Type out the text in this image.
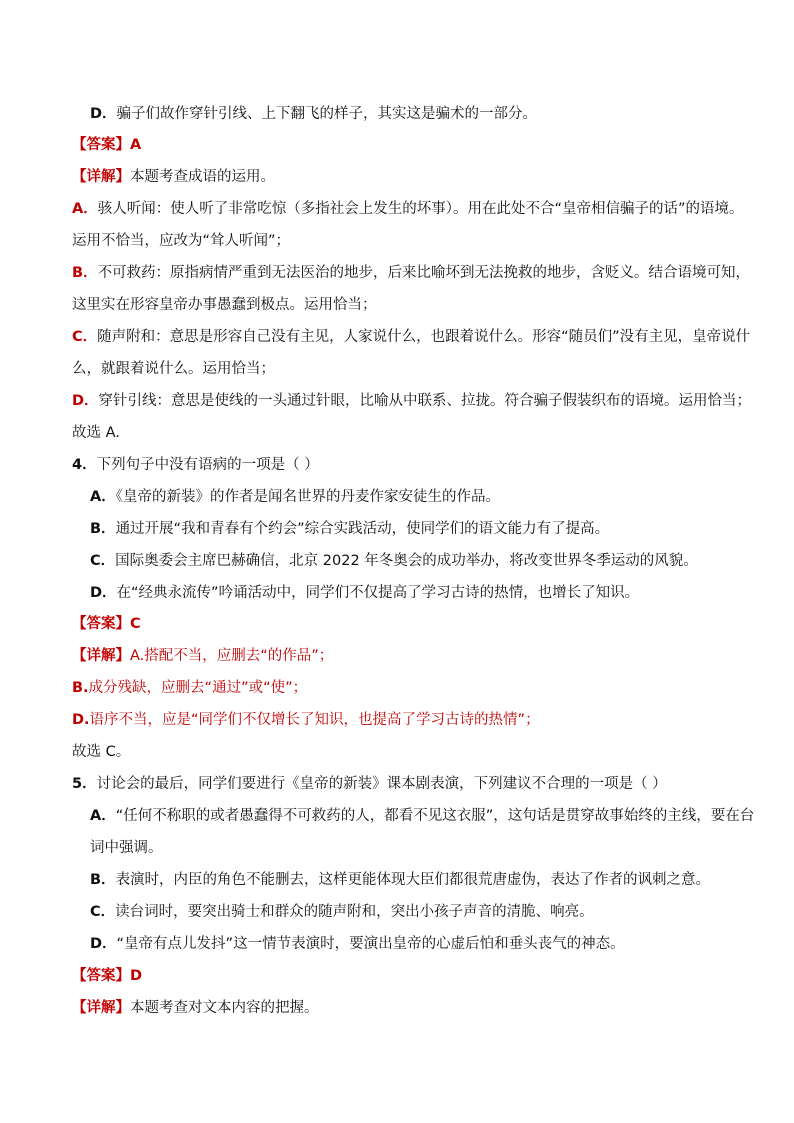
D．骗子们故作穿针引线、上下翻飞的样子，其实这是骗术的一部分。
【答案】A
【详解】本题考查成语的运用。
A．骇人听闻：使人听了非常吃惊（多指社会上发生的坏事）。用在此处不合“皇帝相信骗子的话”的语境。
运用不恰当，应改为“耸人听闻”；
B．不可救药：原指病情严重到无法医治的地步，后来比喻坏到无法挽救的地步，含贬义。结合语境可知，
这里实在形容皇帝办事愚蠢到极点。运用恰当；
C．随声附和：意思是形容自己没有主见，人家说什么，也跟着说什么。形容“随员们”没有主见，皇帝说什
么，就跟着说什么。运用恰当；
D．穿针引线：意思是使线的一头通过针眼，比喻从中联系、拉拢。符合骗子假装织布的语境。运用恰当；
故选 A.
4．下列句子中没有语病的一项是（ ）
A．《皇帝的新装》的作者是闻名世界的丹麦作家安徒生的作品。
B．通过开展“我和青春有个约会”综合实践活动，使同学们的语文能力有了提高。
C．国际奥委会主席巴赫确信，北京 2022 年冬奥会的成功举办，将改变世界冬季运动的风貌。
D．在“经典永流传”吟诵活动中，同学们不仅提高了学习古诗的热情，也增长了知识。
【答案】C
【详解】A.搭配不当，应删去“的作品”；
B.成分残缺，应删去“通过”或“使”；
D.语序不当，应是“同学们不仅增长了知识，也提高了学习古诗的热情”；
故选 C。
5．讨论会的最后，同学们要进行《皇帝的新装》课本剧表演，下列建议不合理的一项是（ ）
A．“任何不称职的或者愚蠢得不可救药的人，都看不见这衣服”，这句话是贯穿故事始终的主线，要在台
词中强调。
B．表演时，内臣的角色不能删去，这样更能体现大臣们都很荒唐虚伪，表达了作者的讽刺之意。
C．读台词时，要突出骑士和群众的随声附和，突出小孩子声音的清脆、响亮。
D．“皇帝有点儿发抖”这一情节表演时，要演出皇帝的心虚后怕和垂头丧气的神态。
【答案】D
【详解】本题考查对文本内容的把握。
